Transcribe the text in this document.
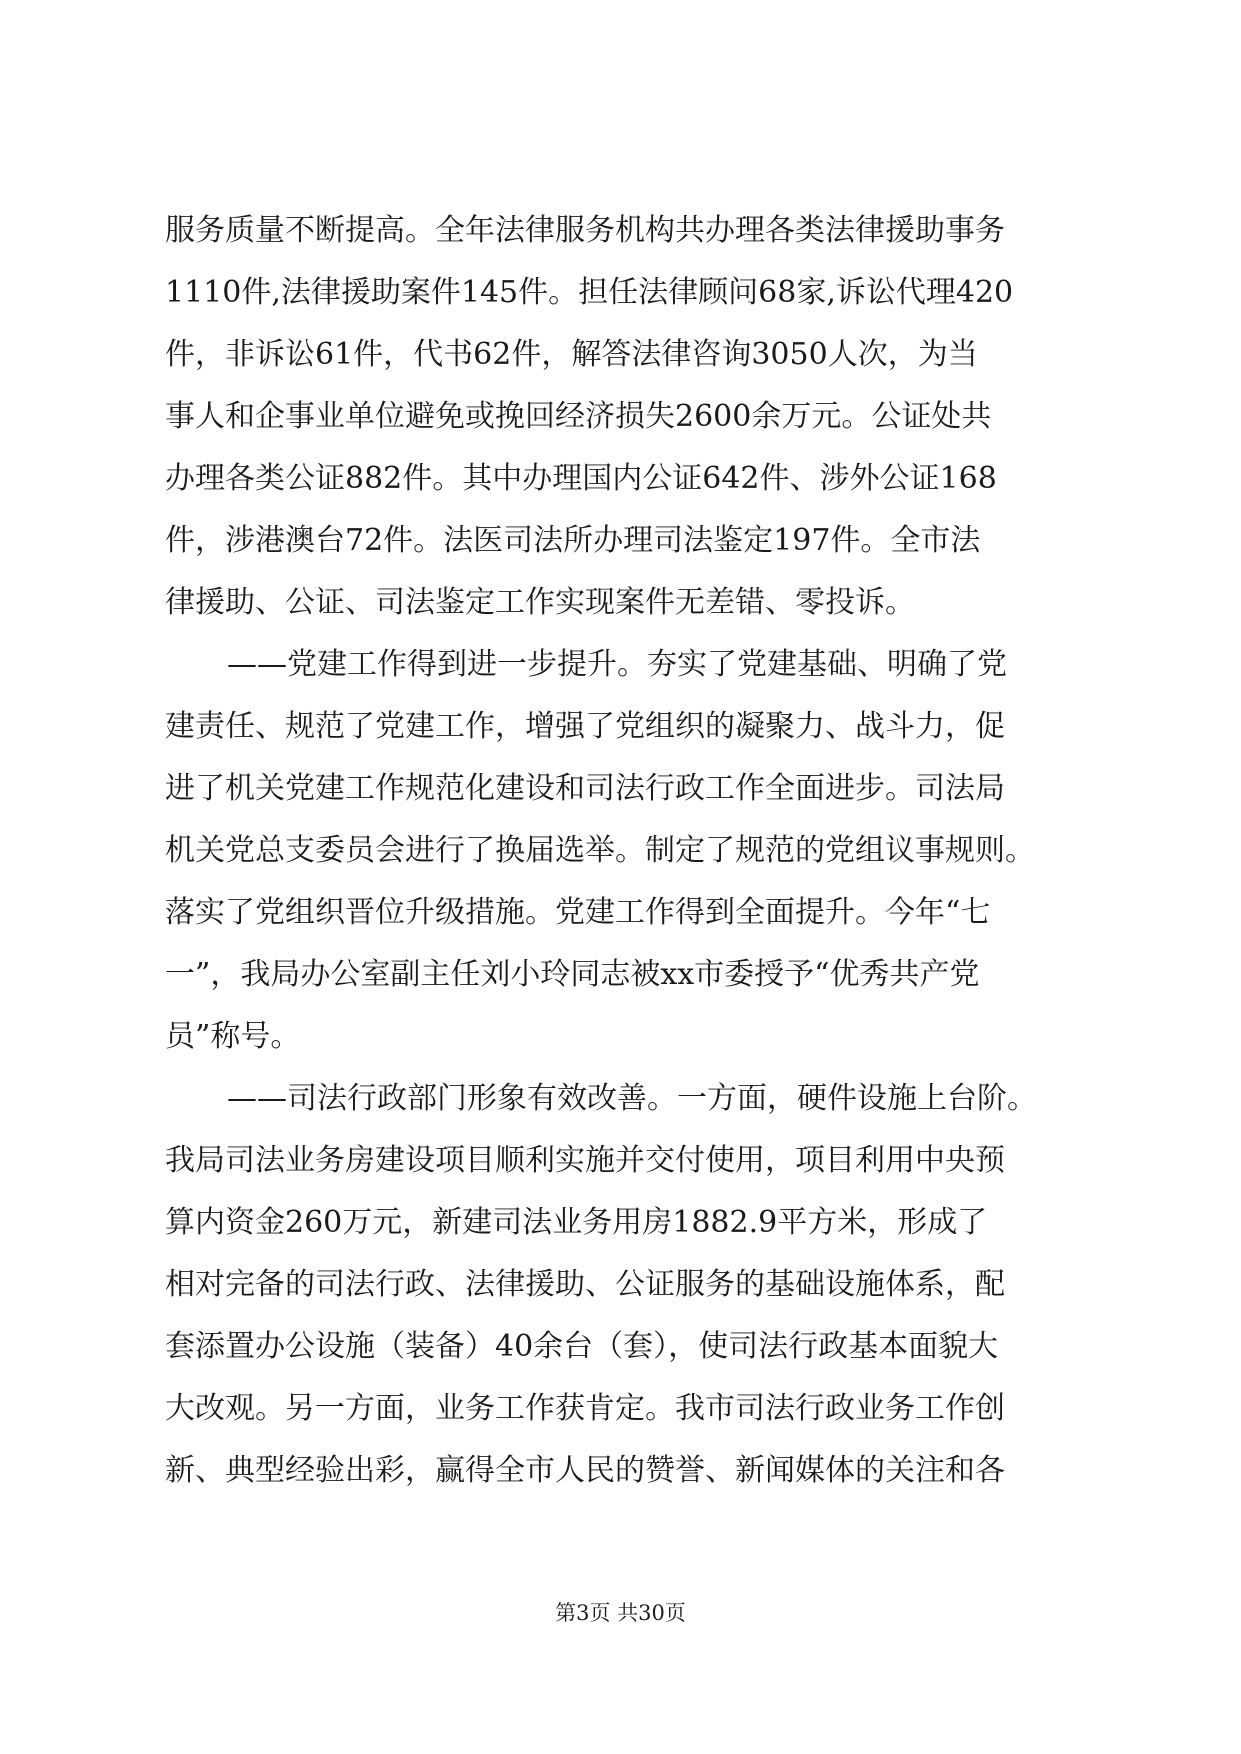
服务质量不断提高。全年法律服务机构共办理各类法律援助事务
1110件,法律援助案件145件。担任法律顾问68家,诉讼代理420
件，非诉讼61件，代书62件，解答法律咨询3050人次，为当
事人和企事业单位避免或挽回经济损失2600余万元。公证处共
办理各类公证882件。其中办理国内公证642件、涉外公证168
件，涉港澳台72件。法医司法所办理司法鉴定197件。全市法
律援助、公证、司法鉴定工作实现案件无差错、零投诉。
——党建工作得到进一步提升。夯实了党建基础、明确了党
建责任、规范了党建工作，增强了党组织的凝聚力、战斗力，促
进了机关党建工作规范化建设和司法行政工作全面进步。司法局
机关党总支委员会进行了换届选举。制定了规范的党组议事规则。
落实了党组织晋位升级措施。党建工作得到全面提升。今年“七
一”，我局办公室副主任刘小玲同志被xx市委授予“优秀共产党
员”称号。
——司法行政部门形象有效改善。一方面，硬件设施上台阶。
我局司法业务房建设项目顺利实施并交付使用，项目利用中央预
算内资金260万元，新建司法业务用房1882.9平方米，形成了
相对完备的司法行政、法律援助、公证服务的基础设施体系，配
套添置办公设施（装备）40余台（套），使司法行政基本面貌大
大改观。另一方面，业务工作获肯定。我市司法行政业务工作创
新、典型经验出彩，赢得全市人民的赞誉、新闻媒体的关注和各
第3页 共30页
